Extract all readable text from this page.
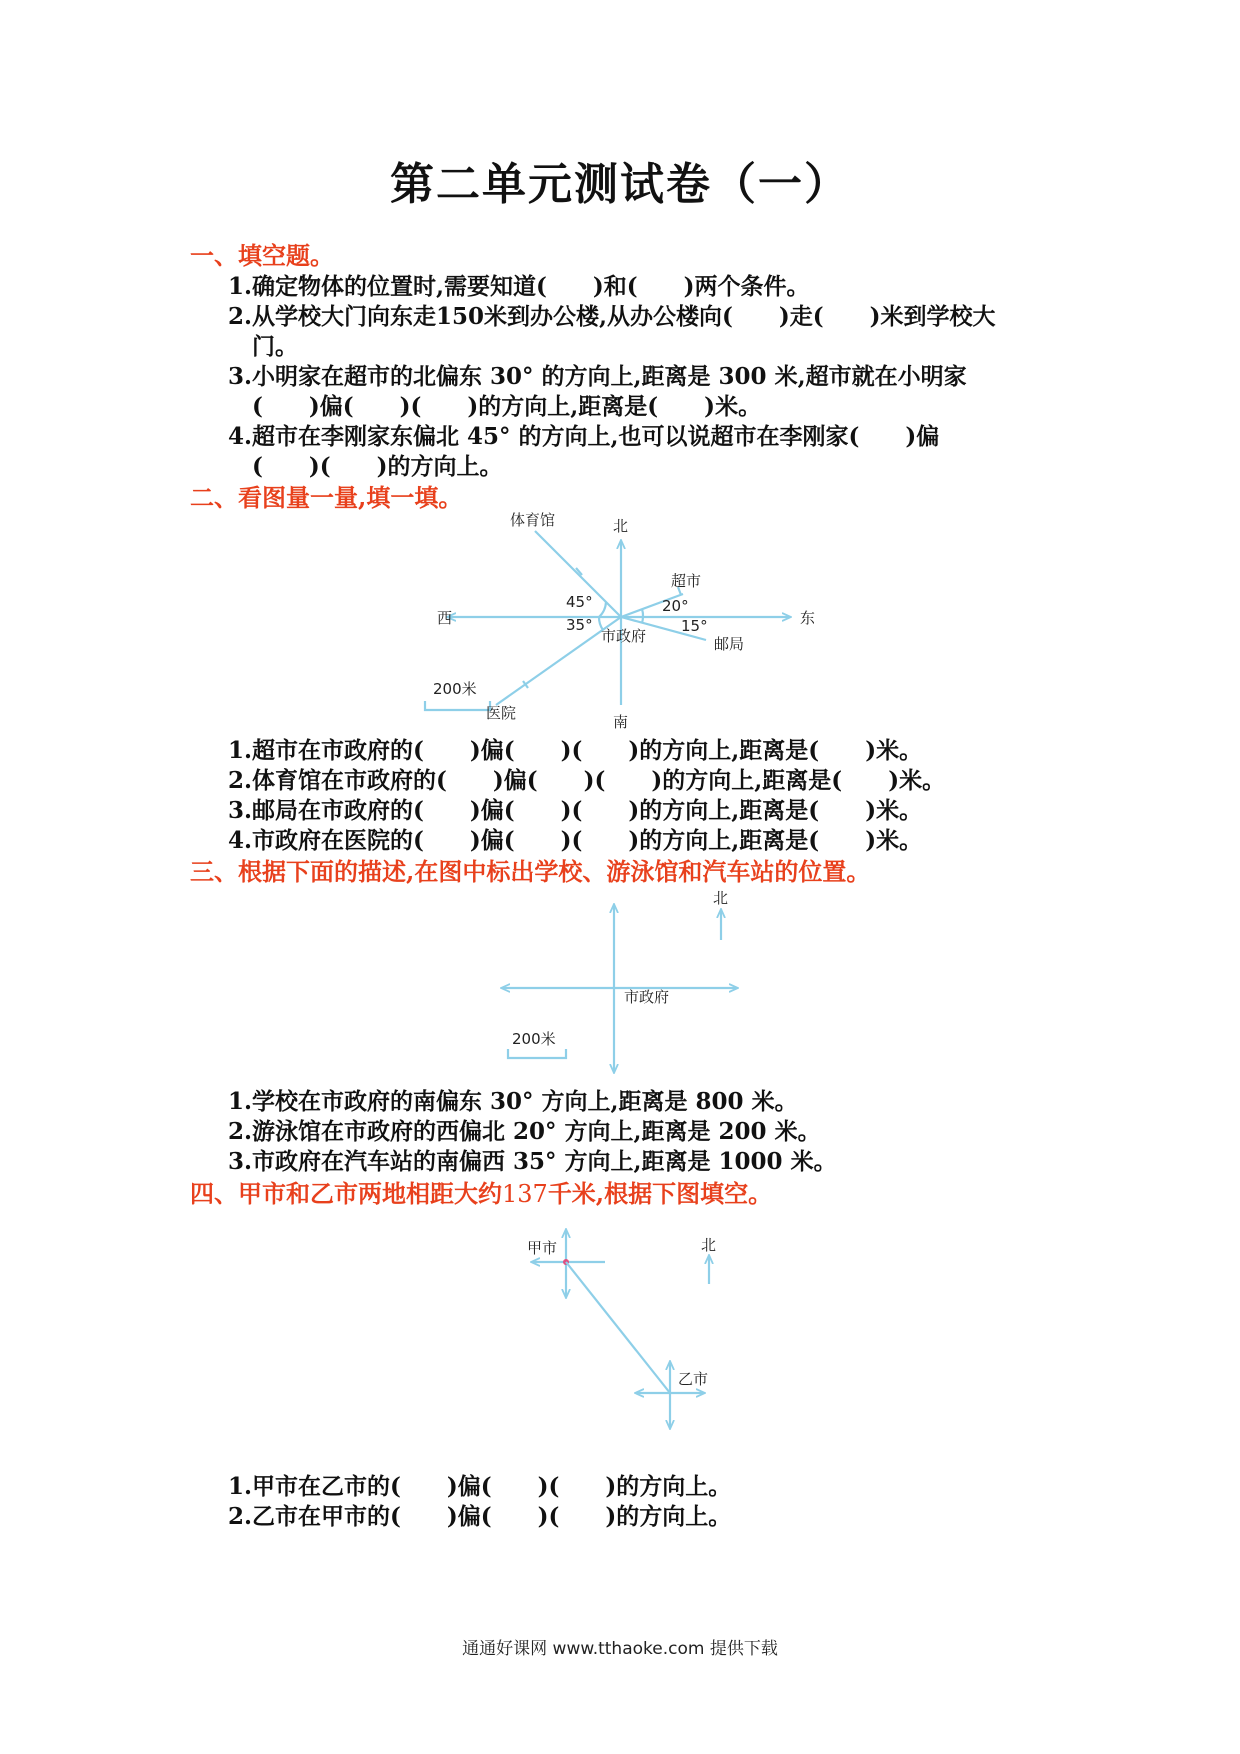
第二单元测试卷（一）
一、填空题。
1.确定物体的位置时,需要知道(　　)和(　　)两个条件。
2.从学校大门向东走150米到办公楼,从办公楼向(　　)走(　　)米到学校大
门。
3.小明家在超市的北偏东 30° 的方向上,距离是 300 米,超市就在小明家
(　　)偏(　　)(　　)的方向上,距离是(　　)米。
4.超市在李刚家东偏北 45° 的方向上,也可以说超市在李刚家(　　)偏
(　　)(　　)的方向上。
二、看图量一量,填一填。
北
南
东
西
体育馆
超市
邮局
市政府
医院
200米
45°
35°
20°
15°
1.超市在市政府的(　　)偏(　　)(　　)的方向上,距离是(　　)米。
2.体育馆在市政府的(　　)偏(　　)(　　)的方向上,距离是(　　)米。
3.邮局在市政府的(　　)偏(　　)(　　)的方向上,距离是(　　)米。
4.市政府在医院的(　　)偏(　　)(　　)的方向上,距离是(　　)米。
三、根据下面的描述,在图中标出学校、游泳馆和汽车站的位置。
北
市政府
200米
1.学校在市政府的南偏东 30° 方向上,距离是 800 米。
2.游泳馆在市政府的西偏北 20° 方向上,距离是 200 米。
3.市政府在汽车站的南偏西 35° 方向上,距离是 1000 米。
四、甲市和乙市两地相距大约137千米,根据下图填空。
北
甲市
乙市
1.甲市在乙市的(　　)偏(　　)(　　)的方向上。
2.乙市在甲市的(　　)偏(　　)(　　)的方向上。
通通好课网 www.tthaoke.com 提供下载
